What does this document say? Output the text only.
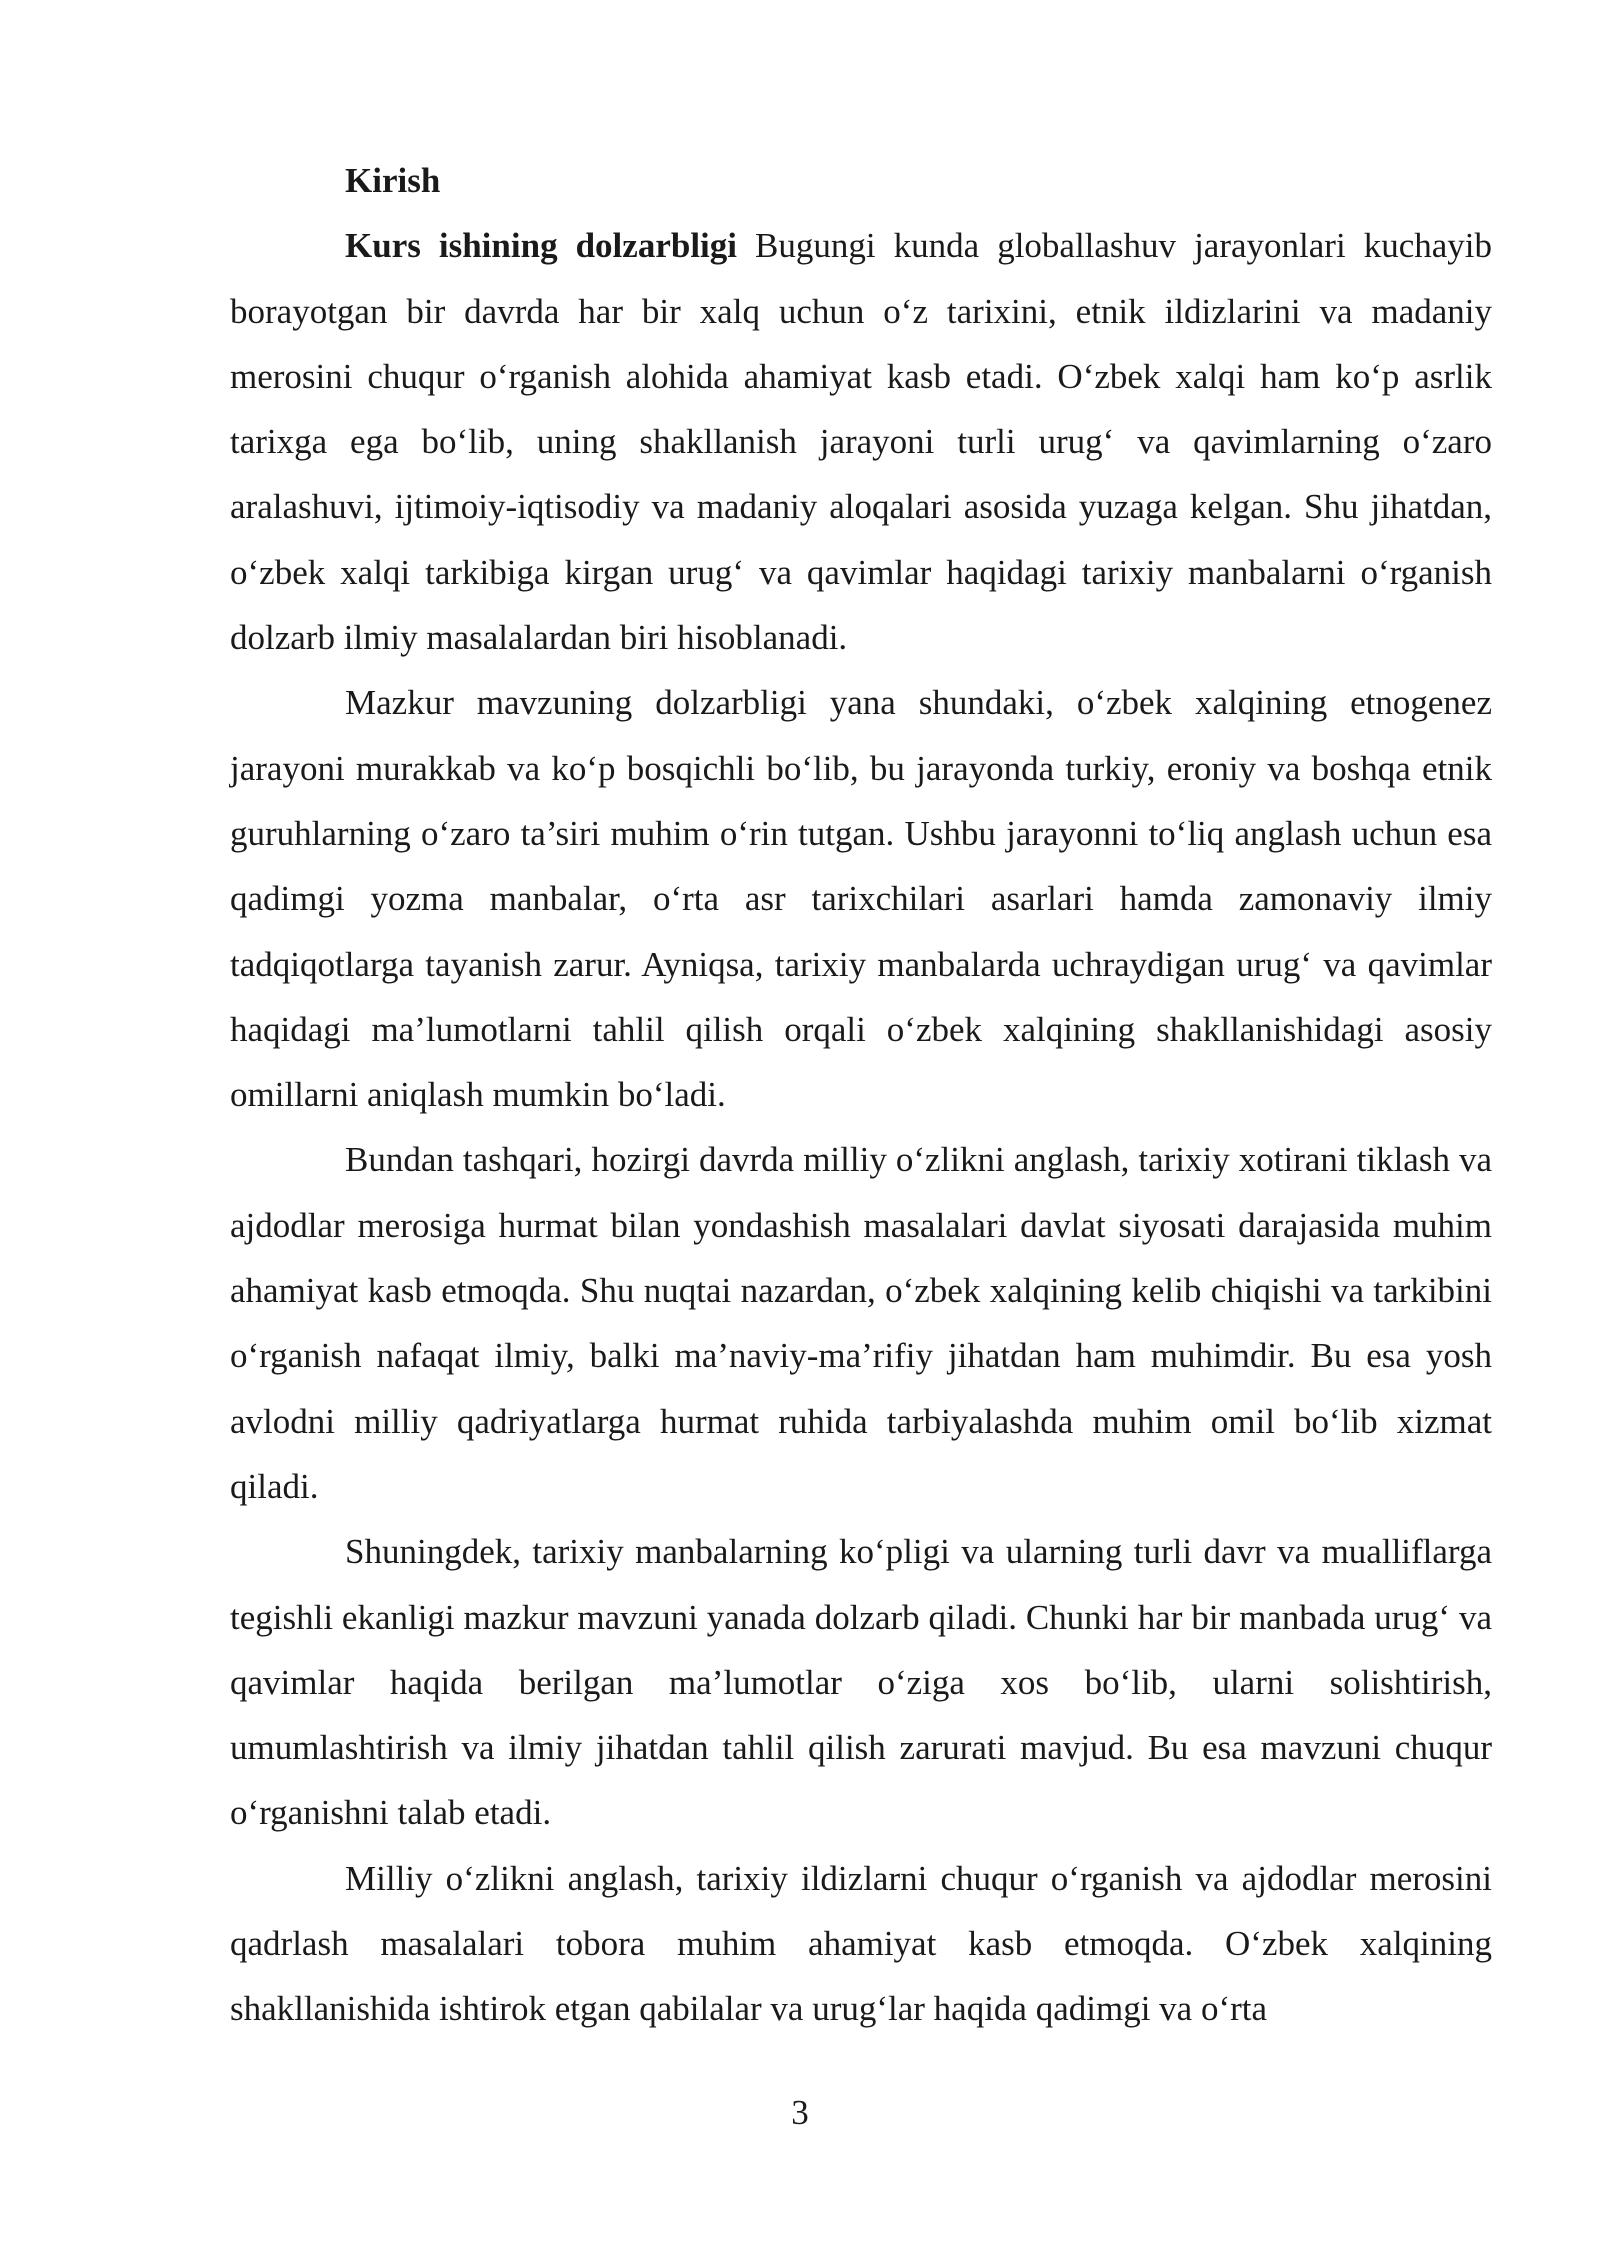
Kirish

Kurs ishining dolzarbligi Bugungi kunda globallashuv jarayonlari kuchayib borayotgan bir davrda har bir xalq uchun o‘z tarixini, etnik ildizlarini va madaniy merosini chuqur o‘rganish alohida ahamiyat kasb etadi. O‘zbek xalqi ham ko‘p asrlik tarixga ega bo‘lib, uning shakllanish jarayoni turli urug‘ va qavimlarning o‘zaro aralashuvi, ijtimoiy-iqtisodiy va madaniy aloqalari asosida yuzaga kelgan. Shu jihatdan, o‘zbek xalqi tarkibiga kirgan urug‘ va qavimlar haqidagi tarixiy manbalarni o‘rganish dolzarb ilmiy masalalardan biri hisoblanadi.

Mazkur mavzuning dolzarbligi yana shundaki, o‘zbek xalqining etnogenez jarayoni murakkab va ko‘p bosqichli bo‘lib, bu jarayonda turkiy, eroniy va boshqa etnik guruhlarning o‘zaro ta’siri muhim o‘rin tutgan. Ushbu jarayonni to‘liq anglash uchun esa qadimgi yozma manbalar, o‘rta asr tarixchilari asarlari hamda zamonaviy ilmiy tadqiqotlarga tayanish zarur. Ayniqsa, tarixiy manbalarda uchraydigan urug‘ va qavimlar haqidagi ma’lumotlarni tahlil qilish orqali o‘zbek xalqining shakllanishidagi asosiy omillarni aniqlash mumkin bo‘ladi.

Bundan tashqari, hozirgi davrda milliy o‘zlikni anglash, tarixiy xotirani tiklash va ajdodlar merosiga hurmat bilan yondashish masalalari davlat siyosati darajasida muhim ahamiyat kasb etmoqda. Shu nuqtai nazardan, o‘zbek xalqining kelib chiqishi va tarkibini o‘rganish nafaqat ilmiy, balki ma’naviy-ma’rifiy jihatdan ham muhimdir. Bu esa yosh avlodni milliy qadriyatlarga hurmat ruhida tarbiyalashda muhim omil bo‘lib xizmat qiladi.

Shuningdek, tarixiy manbalarning ko‘pligi va ularning turli davr va mualliflarga tegishli ekanligi mazkur mavzuni yanada dolzarb qiladi. Chunki har bir manbada urug‘ va qavimlar haqida berilgan ma’lumotlar o‘ziga xos bo‘lib, ularni solishtirish, umumlashtirish va ilmiy jihatdan tahlil qilish zarurati mavjud. Bu esa mavzuni chuqur o‘rganishni talab etadi.

Milliy o‘zlikni anglash, tarixiy ildizlarni chuqur o‘rganish va ajdodlar merosini qadrlash masalalari tobora muhim ahamiyat kasb etmoqda. O‘zbek xalqining shakllanishida ishtirok etgan qabilalar va urug‘lar haqida qadimgi va o‘rta

3
